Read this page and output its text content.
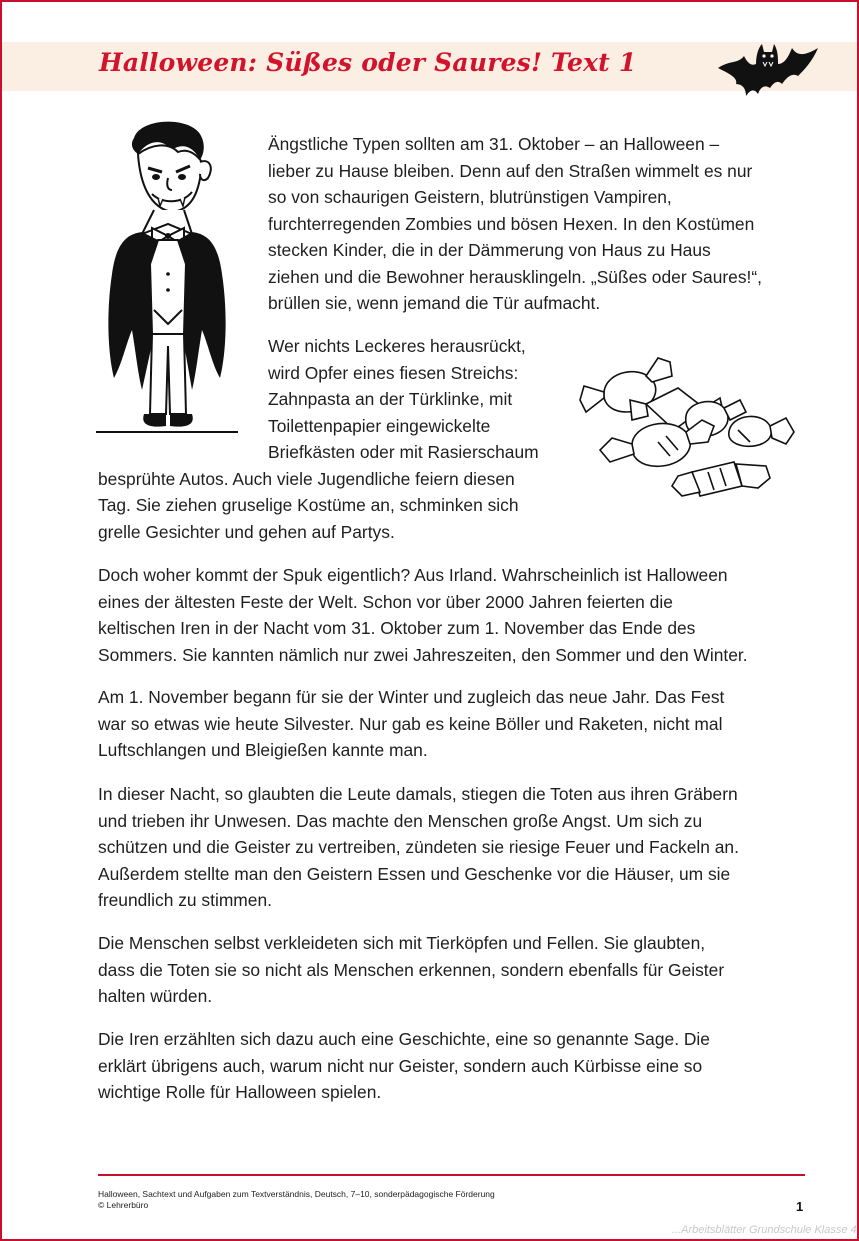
Halloween: Süßes oder Saures! Text 1
Ängstliche Typen sollten am 31. Oktober – an Halloween –
lieber zu Hause bleiben. Denn auf den Straßen wimmelt es nur
so von schaurigen Geistern, blutrünstigen Vampiren,
furchterregenden Zombies und bösen Hexen. In den Kostümen
stecken Kinder, die in der Dämmerung von Haus zu Haus
ziehen und die Bewohner herausklingeln. „Süßes oder Saures!“,
brüllen sie, wenn jemand die Tür aufmacht.
Wer nichts Leckeres herausrückt,
wird Opfer eines fiesen Streichs:
Zahnpasta an der Türklinke, mit
Toilettenpapier eingewickelte
Briefkästen oder mit Rasierschaum
besprühte Autos. Auch viele Jugendliche feiern diesen
Tag. Sie ziehen gruselige Kostüme an, schminken sich
grelle Gesichter und gehen auf Partys.
Doch woher kommt der Spuk eigentlich? Aus Irland. Wahrscheinlich ist Halloween
eines der ältesten Feste der Welt. Schon vor über 2000 Jahren feierten die
keltischen Iren in der Nacht vom 31. Oktober zum 1. November das Ende des
Sommers. Sie kannten nämlich nur zwei Jahreszeiten, den Sommer und den Winter.
Am 1. November begann für sie der Winter und zugleich das neue Jahr. Das Fest
war so etwas wie heute Silvester. Nur gab es keine Böller und Raketen, nicht mal
Luftschlangen und Bleigießen kannte man.
In dieser Nacht, so glaubten die Leute damals, stiegen die Toten aus ihren Gräbern
und trieben ihr Unwesen. Das machte den Menschen große Angst. Um sich zu
schützen und die Geister zu vertreiben, zündeten sie riesige Feuer und Fackeln an.
Außerdem stellte man den Geistern Essen und Geschenke vor die Häuser, um sie
freundlich zu stimmen.
Die Menschen selbst verkleideten sich mit Tierköpfen und Fellen. Sie glaubten,
dass die Toten sie so nicht als Menschen erkennen, sondern ebenfalls für Geister
halten würden.
Die Iren erzählten sich dazu auch eine Geschichte, eine so genannte Sage. Die
erklärt übrigens auch, warum nicht nur Geister, sondern auch Kürbisse eine so
wichtige Rolle für Halloween spielen.
Halloween, Sachtext und Aufgaben zum Textverständnis, Deutsch, 7–10, sonderpädagogische Förderung
© Lehrerbüro	1
...Arbeitsblätter Grundschule Klasse 4
